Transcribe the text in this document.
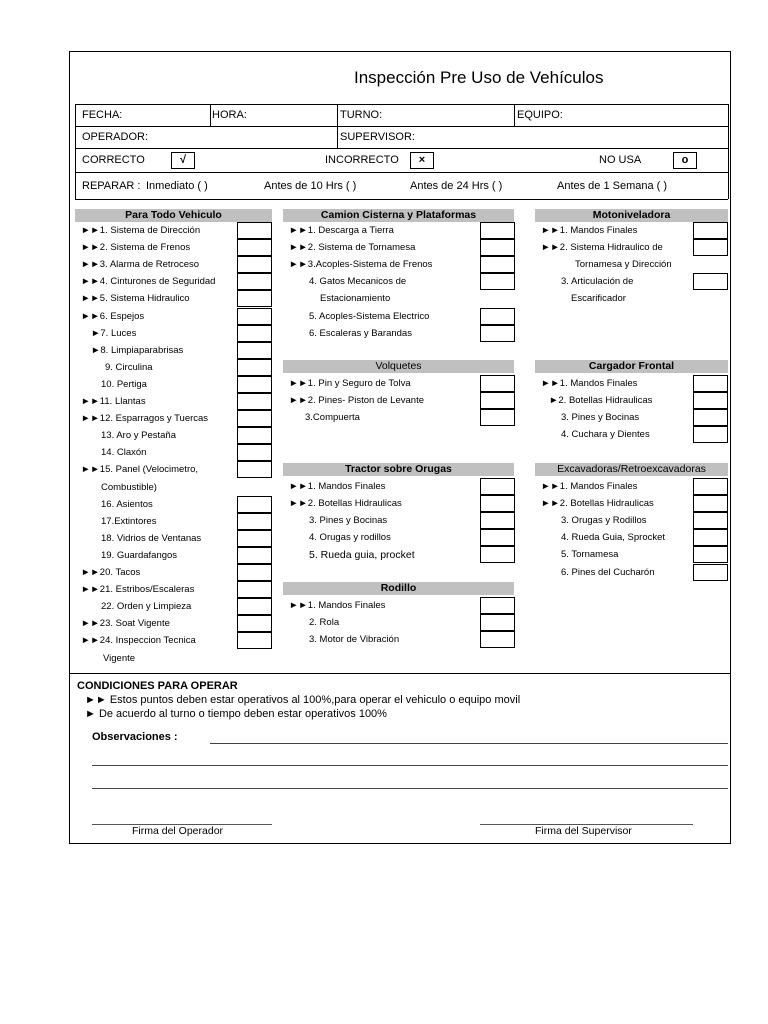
Inspección Pre Uso de Vehículos
FECHA:	HORA:	TURNO:	EQUIPO:
OPERADOR:	SUPERVISOR:
CORRECTO	√	INCORRECTO	×	NO USA	o
REPARAR : Inmediato ( )	Antes de 10 Hrs ( )	Antes de 24 Hrs ( )	Antes de 1 Semana ( )
Para Todo Vehiculo	Camion Cisterna y Plataformas	Motoniveladora
Volquetes	Cargador Frontal
Tractor sobre Orugas	Excavadoras/Retroexcavadoras
Rodillo
►►1. Sistema de Dirección
►►2. Sistema de Frenos
►►3. Alarma de Retroceso
►►4. Cinturones de Seguridad
►►5. Sistema Hidraulico
►►6. Espejos
►7. Luces
►8. Limpiaparabrisas
9. Circulina
10. Pertiga
►►11. Llantas
►►12. Esparragos y Tuercas
13. Aro y Pestaña
14. Claxón
►►15. Panel (Velocimetro,
Combustible)
16. Asientos
17.Extintores
18. Vidrios de Ventanas
19. Guardafangos
►►20. Tacos
►►21. Estribos/Escaleras
22. Orden y Limpieza
►►23. Soat Vigente
►►24. Inspeccion Tecnica
Vigente
►►1. Descarga a Tierra
►►2. Sistema de Tornamesa
►►3.Acoples-Sistema de Frenos
4. Gatos Mecanicos de
Estacionamiento
5. Acoples-Sistema Electrico
6. Escaleras y Barandas
►►1. Pin y Seguro de Tolva
►►2. Pines- Piston de Levante
3.Compuerta
►►1. Mandos Finales
►►2. Botellas Hidraulicas
3. Pines y Bocinas
4. Orugas y rodillos
5. Rueda guia, procket
►►1. Mandos Finales
2. Rola
3. Motor de Vibración
►►1. Mandos Finales
►►2. Sistema Hidraulico de
Tornamesa y Dirección
3. Articulación de
Escarificador
►►1. Mandos Finales
►2. Botellas Hidraulicas
3. Pines y Bocinas
4. Cuchara y Dientes
►►1. Mandos Finales
►►2. Botellas Hidraulicas
3. Orugas y Rodillos
4. Rueda Guia, Sprocket
5. Tornamesa
6. Pines del Cucharón
CONDICIONES PARA OPERAR
►► Estos puntos deben estar operativos al 100%,para operar el vehiculo o equipo movil
► De acuerdo al turno o tiempo deben estar operativos 100%
Observaciones :
Firma del Operador	Firma del Supervisor
